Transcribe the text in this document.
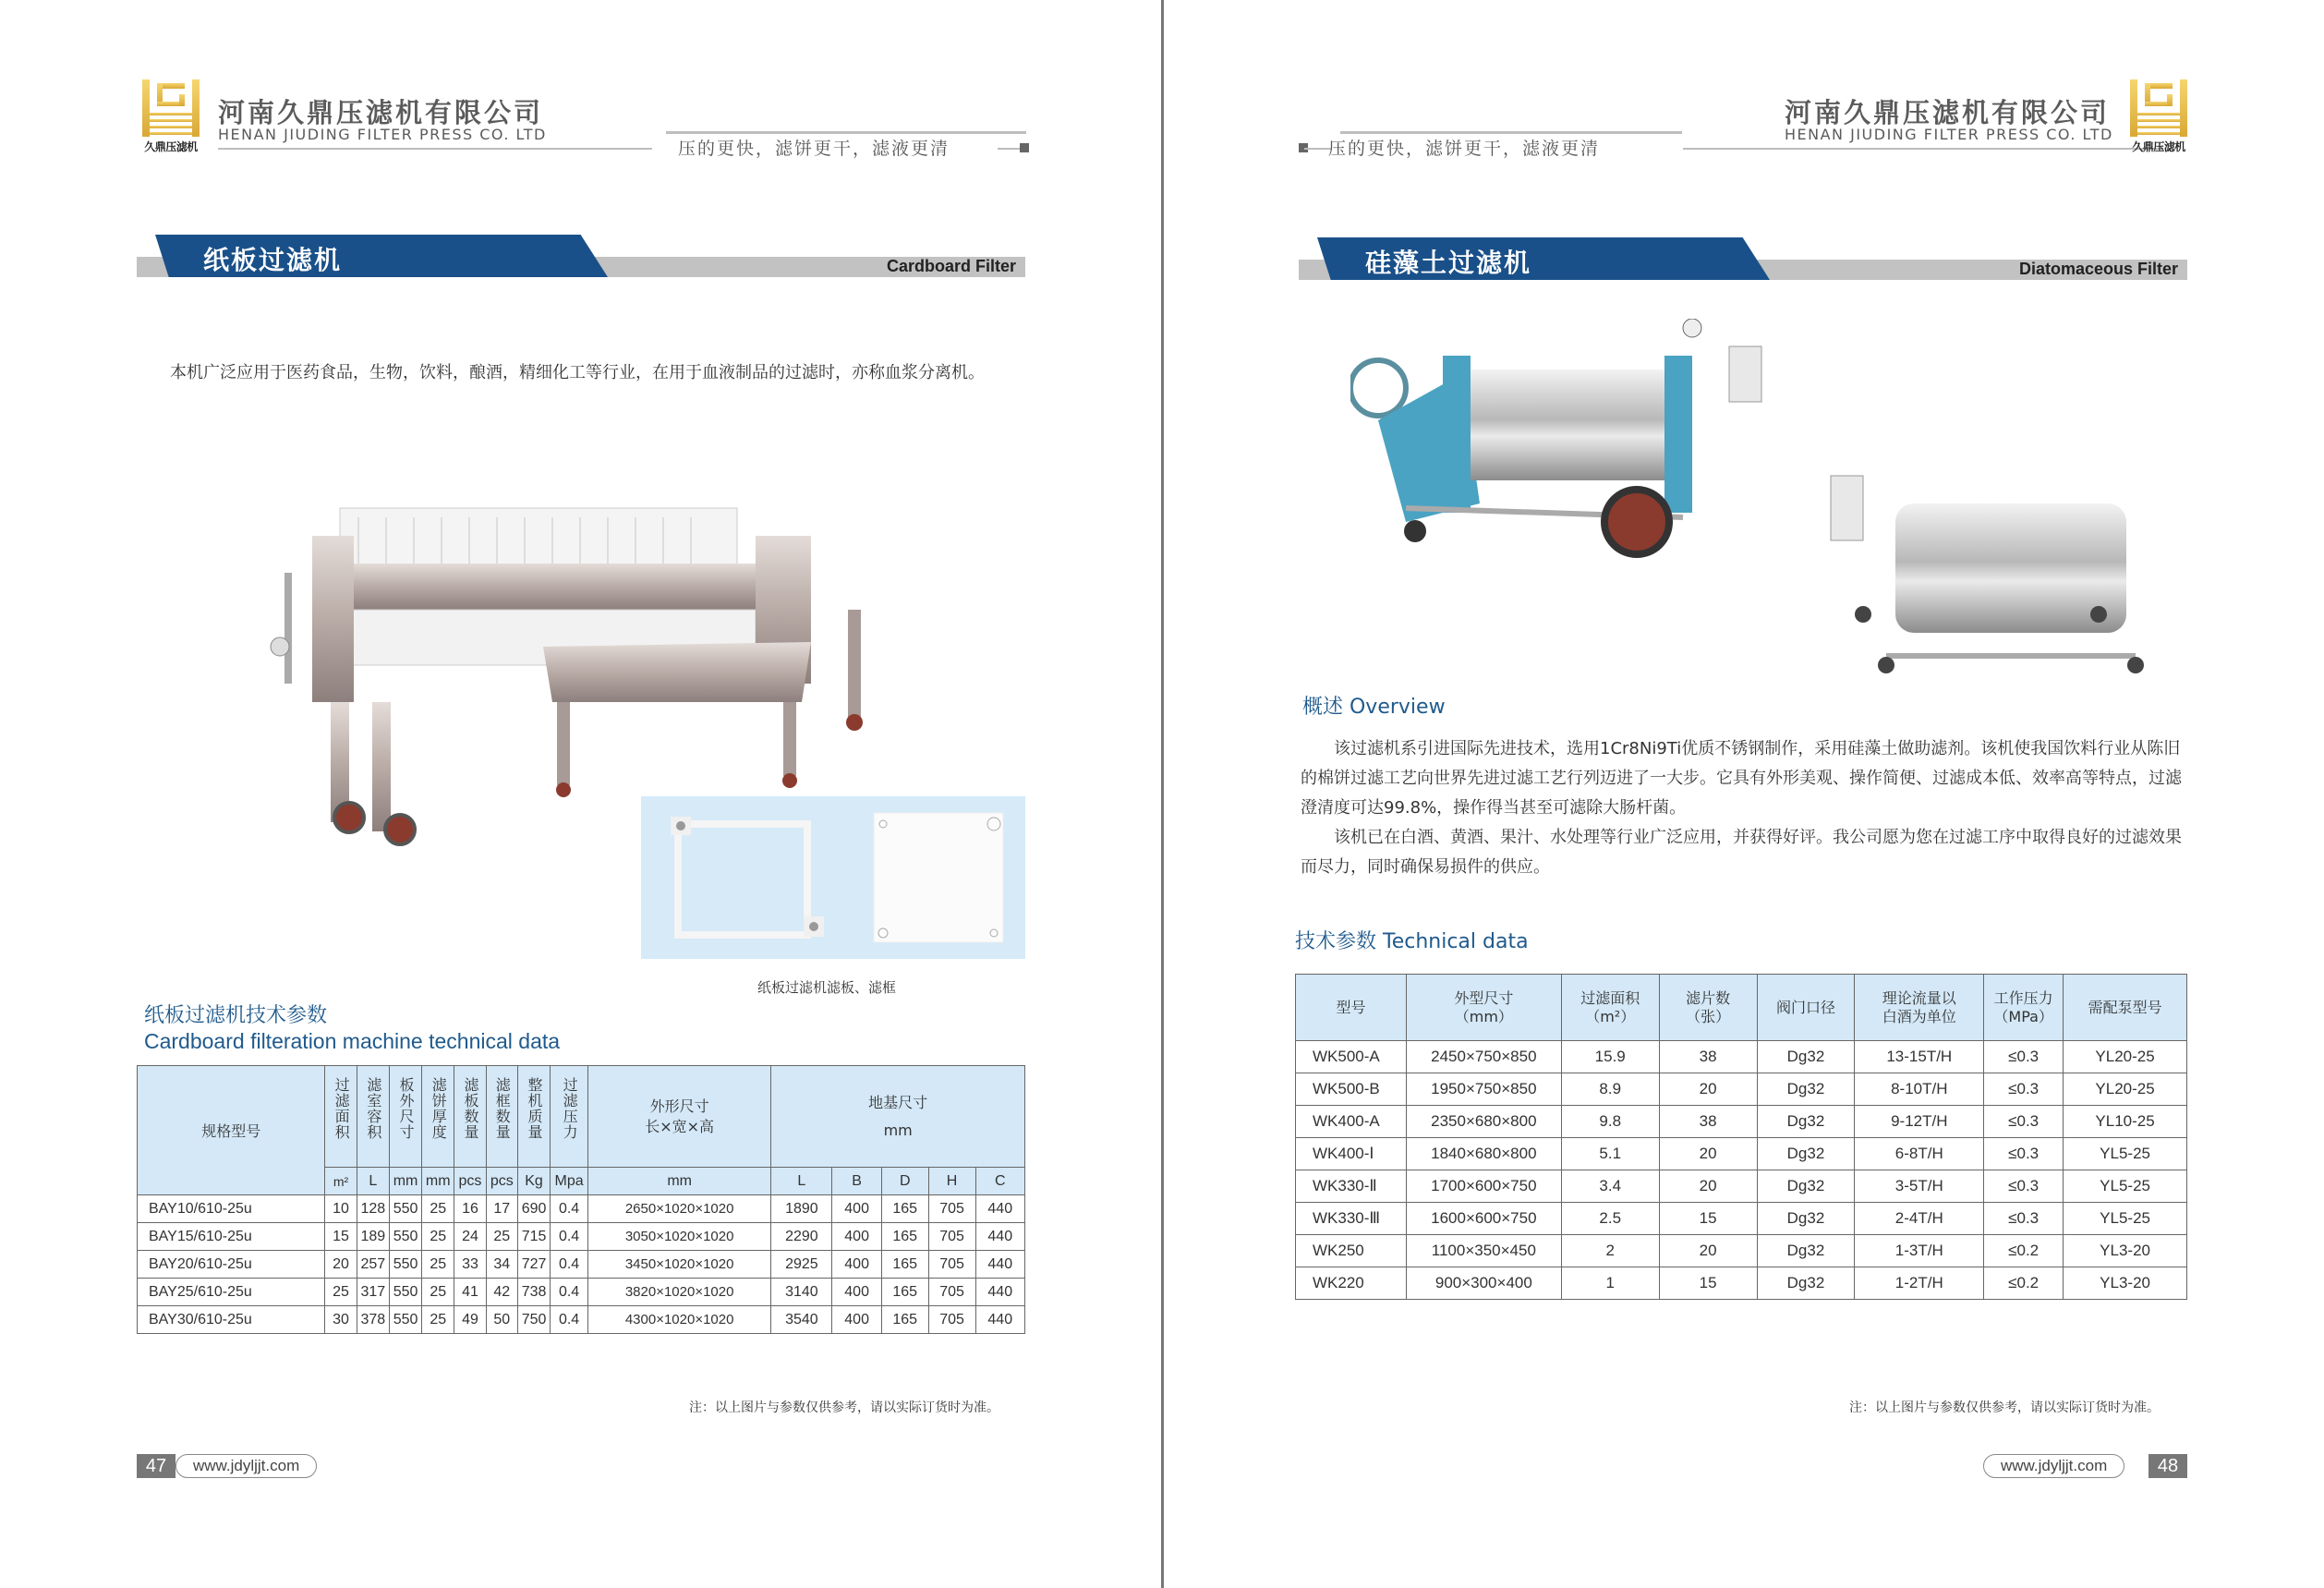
久鼎压滤机
河南久鼎压滤机有限公司
HENAN JIUDING FILTER PRESS CO. LTD
压的更快，滤饼更干，滤液更清
纸板过滤机	Cardboard Filter

本机广泛应用于医药食品，生物，饮料，酿酒，精细化工等行业，在用于血液制品的过滤时，亦称血浆分离机。

纸板过滤机滤板、滤框
纸板过滤机技术参数
Cardboard filteration machine technical data
规格型号	过滤面积	滤室容积	板外尺寸	滤饼厚度	滤板数量	滤框数量	整机质量	过滤压力	外形尺寸
长×宽×高

地基尺寸
mm

	m²	L	mm	mm	pcs	pcs	Kg	Mpa	mm	L	B	D	H	C
BAY10/610-25u	10	128	550	25	16	17	690	0.4	2650×1020×1020	1890	400	165	705	440
BAY15/610-25u	15	189	550	25	24	25	715	0.4	3050×1020×1020	2290	400	165	705	440
BAY20/610-25u	20	257	550	25	33	34	727	0.4	3450×1020×1020	2925	400	165	705	440
BAY25/610-25u	25	317	550	25	41	42	738	0.4	3820×1020×1020	3140	400	165	705	440
BAY30/610-25u	30	378	550	25	49	50	750	0.4	4300×1020×1020	3540	400	165	705	440
注：以上图片与参数仅供参考，请以实际订货时为准。
47	www.jdyljjt.com
压的更快，滤饼更干，滤液更清
河南久鼎压滤机有限公司
HENAN JIUDING FILTER PRESS CO. LTD
久鼎压滤机
硅藻土过滤机	Diatomaceous Filter
概述 Overview

该过滤机系引进国际先进技术，选用1Cr8Ni9Ti优质不锈钢制作，采用硅藻土做助滤剂。该机使我国饮料行业从陈旧的棉饼过滤工艺向世界先进过滤工艺行列迈进了一大步。它具有外形美观、操作简便、过滤成本低、效率高等特点，过滤澄清度可达99.8%，操作得当甚至可滤除大肠杆菌。

该机已在白酒、黄酒、果汁、水处理等行业广泛应用，并获得好评。我公司愿为您在过滤工序中取得良好的过滤效果而尽力，同时确保易损件的供应。

技术参数 Technical data
型号

外型尺寸
（mm）

过滤面积
（m²）

滤片数
（张）

阀门口径

理论流量以
白酒为单位

工作压力
（MPa）

需配泵型号

WK500-A	2450×750×850	15.9	38	Dg32	13-15T/H	≤0.3	YL20-25
WK500-B	1950×750×850	8.9	20	Dg32	8-10T/H	≤0.3	YL20-25
WK400-A	2350×680×800	9.8	38	Dg32	9-12T/H	≤0.3	YL10-25
WK400-Ⅰ	1840×680×800	5.1	20	Dg32	6-8T/H	≤0.3	YL5-25
WK330-Ⅱ	1700×600×750	3.4	20	Dg32	3-5T/H	≤0.3	YL5-25
WK330-Ⅲ	1600×600×750	2.5	15	Dg32	2-4T/H	≤0.3	YL5-25
WK250	1100×350×450	2	20	Dg32	1-3T/H	≤0.2	YL3-20
WK220	900×300×400	1	15	Dg32	1-2T/H	≤0.2	YL3-20
注：以上图片与参数仅供参考，请以实际订货时为准。
www.jdyljjt.com	48
